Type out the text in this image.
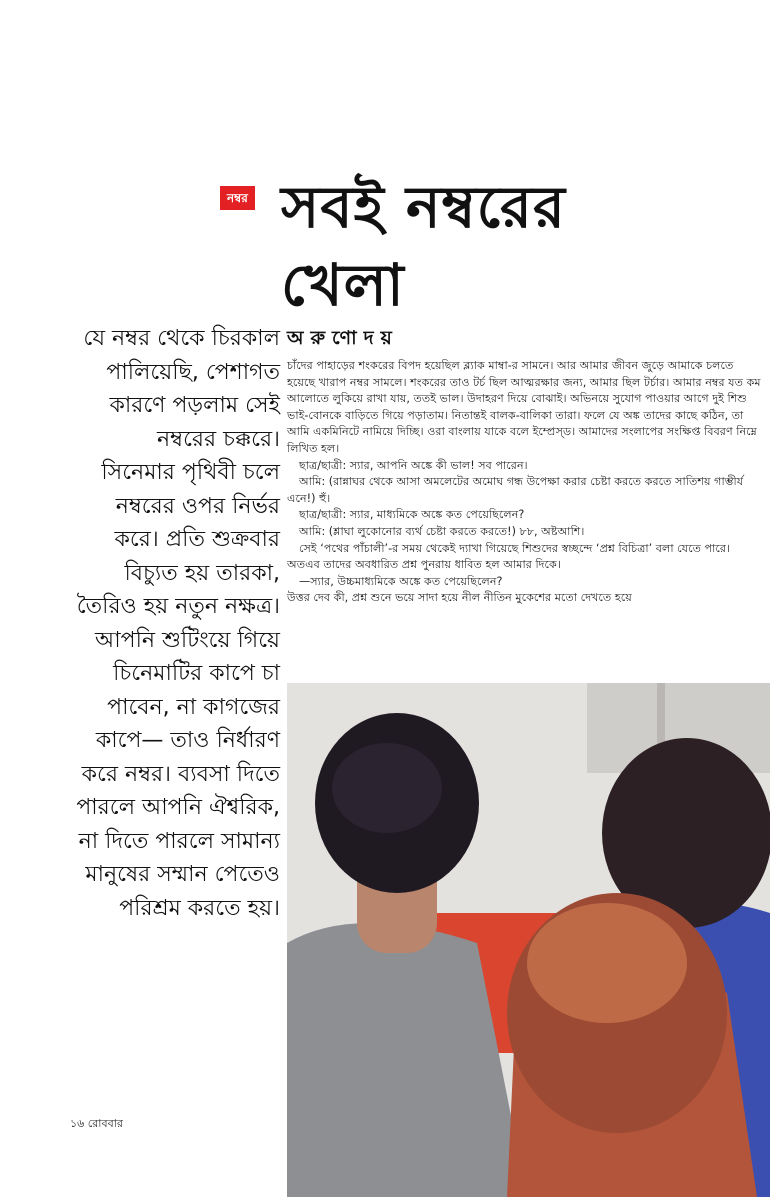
নম্বর সবই নম্বরের
খেলা
যে নম্বর থেকে চিরকাল
পালিয়েছি, পেশাগত
কারণে পড়লাম সেই
নম্বরের চক্করে।
সিনেমার পৃথিবী চলে
নম্বরের ওপর নির্ভর
করে। প্রতি শুক্রবার
বিচ্যুত হয় তারকা,
তৈরিও হয় নতুন নক্ষত্র।
আপনি শুটিংয়ে গিয়ে
চিনেমাটির কাপে চা
পাবেন, না কাগজের
কাপে— তাও নির্ধারণ
করে নম্বর। ব্যবসা দিতে
পারলে আপনি ঐশ্বরিক,
না দিতে পারলে সামান্য
মানুষের সম্মান পেতেও
পরিশ্রম করতে হয়।
অরুণোদয়

চাঁদের পাহাড়ের শংকরের বিপদ হয়েছিল ব্ল্যাক মাম্বা-র সামনে। আর আমার জীবন জুড়ে আমাকে চলতে হয়েছে খারাপ নম্বর সামলে। শংকরের তাও টর্চ ছিল আত্মরক্ষার জন্য, আমার ছিল টর্চার। আমার নম্বর যত কম আলোতে লুকিয়ে রাখা যায়, ততই ভাল। উদাহরণ দিয়ে বোঝাই। অভিনয়ে সুযোগ পাওয়ার আগে দুই শিশু ভাই-বোনকে বাড়িতে গিয়ে পড়াতাম। নিতান্তই বালক-বালিকা তারা। ফলে যে অঙ্ক তাদের কাছে কঠিন, তা আমি একমিনিটে নামিয়ে দিচ্ছি। ওরা বাংলায় যাকে বলে ইম্প্রেস্‌ড। আমাদের সংলাপের সংক্ষিপ্ত বিবরণ নিম্নে

লিখিত হল।

ছাত্র/ছাত্রী: স্যার, আপনি অঙ্কে কী ভাল! সব পারেন।

আমি: (রান্নাঘর থেকে আসা অমলেটের অমোঘ গন্ধ উপেক্ষা করার চেষ্টা করতে করতে সাতিশয় গাম্ভীর্য এনে!) হুঁ।

ছাত্র/ছাত্রী: স্যার, মাধ্যমিকে অঙ্কে কত পেয়েছিলেন?

আমি: (শ্লাঘা লুকোনোর ব্যর্থ চেষ্টা করতে করতে!) ৮৮, অষ্টআশি।

সেই ‘পথের পাঁচালী’-র সময় থেকেই দ্যাখা গিয়েছে শিশুদের স্বচ্ছন্দে ‘প্রশ্ন বিচিত্রা’ বলা যেতে পারে। অতএব তাদের অবধারিত প্রশ্ন পুনরায় ধাবিত হল আমার দিকে।

—স্যার, উচ্চমাধ্যমিকে অঙ্কে কত পেয়েছিলেন?

উত্তর দেব কী, প্রশ্ন শুনে ভয়ে সাদা হয়ে নীল নীতিন মুকেশের মতো দেখতে হয়ে

১৬ রোববার
